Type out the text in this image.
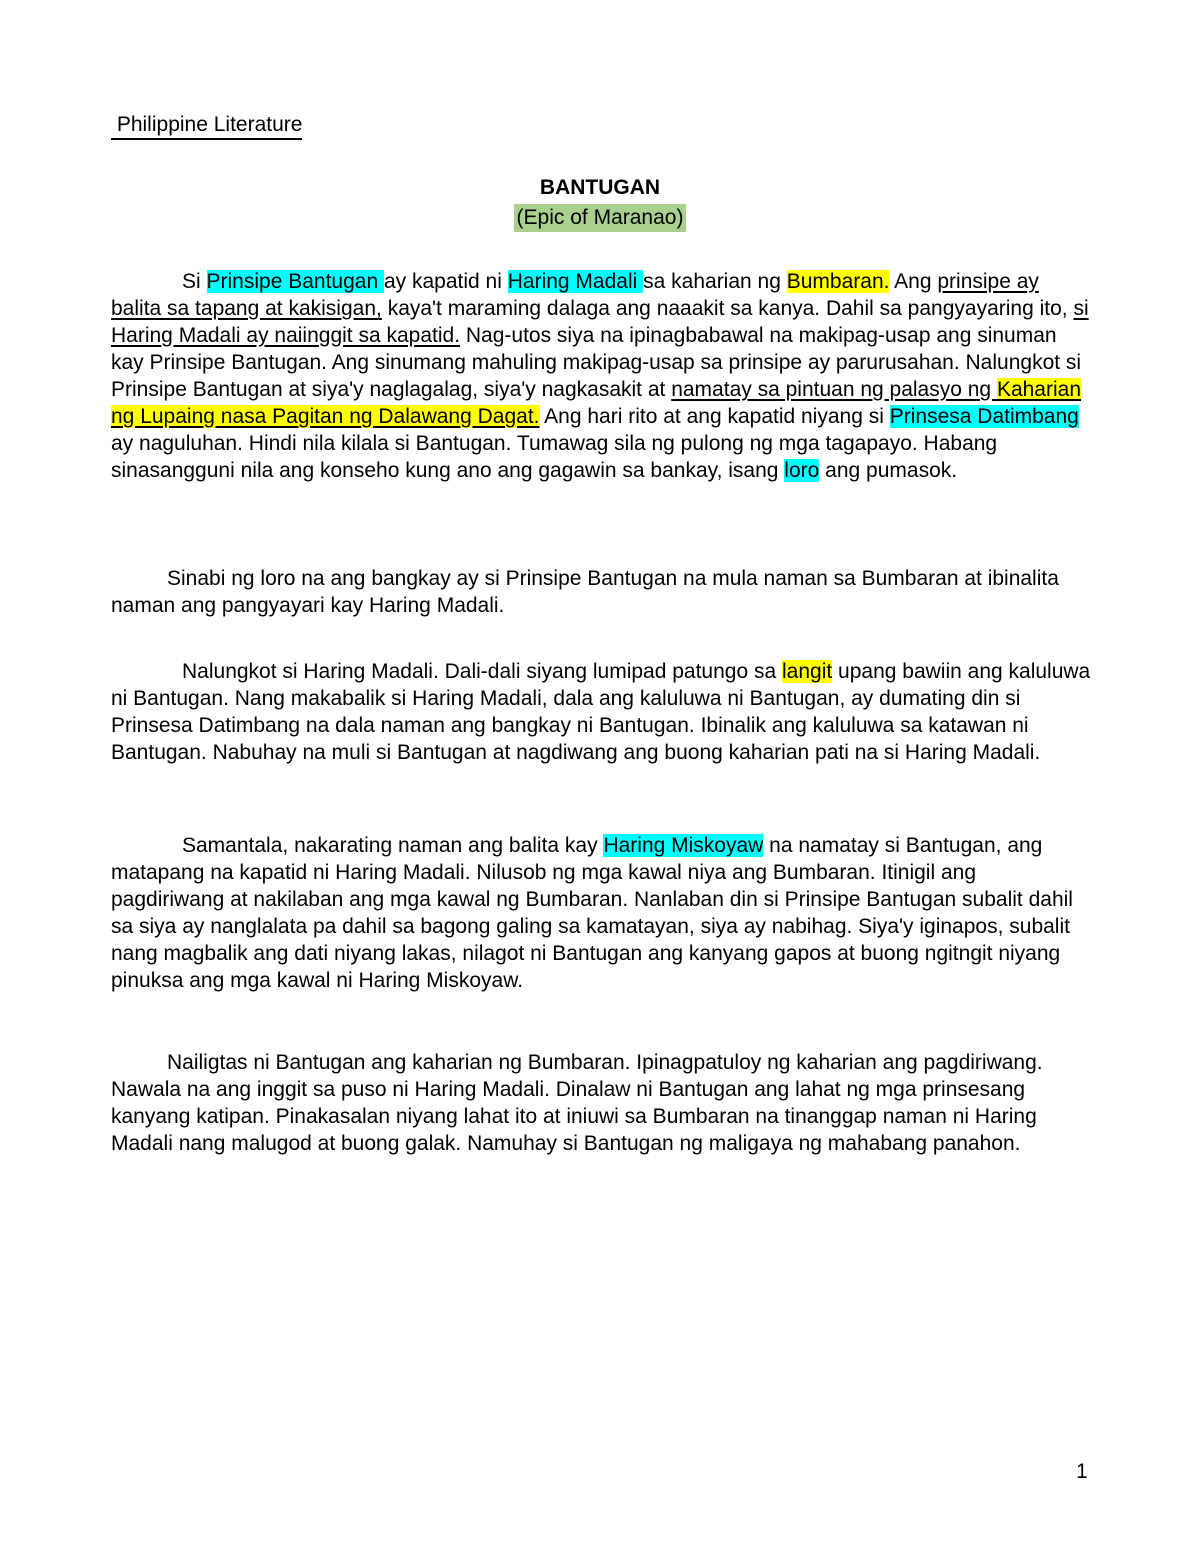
Philippine Literature
BANTUGAN
(Epic of Maranao)
Si Prinsipe Bantugan ay kapatid ni Haring Madali sa kaharian ng Bumbaran. Ang prinsipe ay balita sa tapang at kakisigan, kaya't maraming dalaga ang naaakit sa kanya. Dahil sa pangyayaring ito, si Haring Madali ay naiinggit sa kapatid. Nag-utos siya na ipinagbabawal na makipag-usap ang sinuman kay Prinsipe Bantugan. Ang sinumang mahuling makipag-usap sa prinsipe ay parurusahan. Nalungkot si Prinsipe Bantugan at siya'y naglagalag, siya'y nagkasakit at namatay sa pintuan ng palasyo ng Kaharian ng Lupaing nasa Pagitan ng Dalawang Dagat. Ang hari rito at ang kapatid niyang si Prinsesa Datimbang ay naguluhan. Hindi nila kilala si Bantugan. Tumawag sila ng pulong ng mga tagapayo. Habang sinasangguni nila ang konseho kung ano ang gagawin sa bankay, isang loro ang pumasok.
Sinabi ng loro na ang bangkay ay si Prinsipe Bantugan na mula naman sa Bumbaran at ibinalita naman ang pangyayari kay Haring Madali.
Nalungkot si Haring Madali. Dali-dali siyang lumipad patungo sa langit upang bawiin ang kaluluwa ni Bantugan. Nang makabalik si Haring Madali, dala ang kaluluwa ni Bantugan, ay dumating din si Prinsesa Datimbang na dala naman ang bangkay ni Bantugan. Ibinalik ang kaluluwa sa katawan ni Bantugan. Nabuhay na muli si Bantugan at nagdiwang ang buong kaharian pati na si Haring Madali.
Samantala, nakarating naman ang balita kay Haring Miskoyaw na namatay si Bantugan, ang matapang na kapatid ni Haring Madali. Nilusob ng mga kawal niya ang Bumbaran. Itinigil ang pagdiriwang at nakilaban ang mga kawal ng Bumbaran. Nanlaban din si Prinsipe Bantugan subalit dahil sa siya ay nanglalata pa dahil sa bagong galing sa kamatayan, siya ay nabihag. Siya'y iginapos, subalit nang magbalik ang dati niyang lakas, nilagot ni Bantugan ang kanyang gapos at buong ngitngit niyang pinuksa ang mga kawal ni Haring Miskoyaw.
Nailigtas ni Bantugan ang kaharian ng Bumbaran. Ipinagpatuloy ng kaharian ang pagdiriwang. Nawala na ang inggit sa puso ni Haring Madali. Dinalaw ni Bantugan ang lahat ng mga prinsesang kanyang katipan. Pinakasalan niyang lahat ito at iniuwi sa Bumbaran na tinanggap naman ni Haring Madali nang malugod at buong galak. Namuhay si Bantugan ng maligaya ng mahabang panahon.
1
